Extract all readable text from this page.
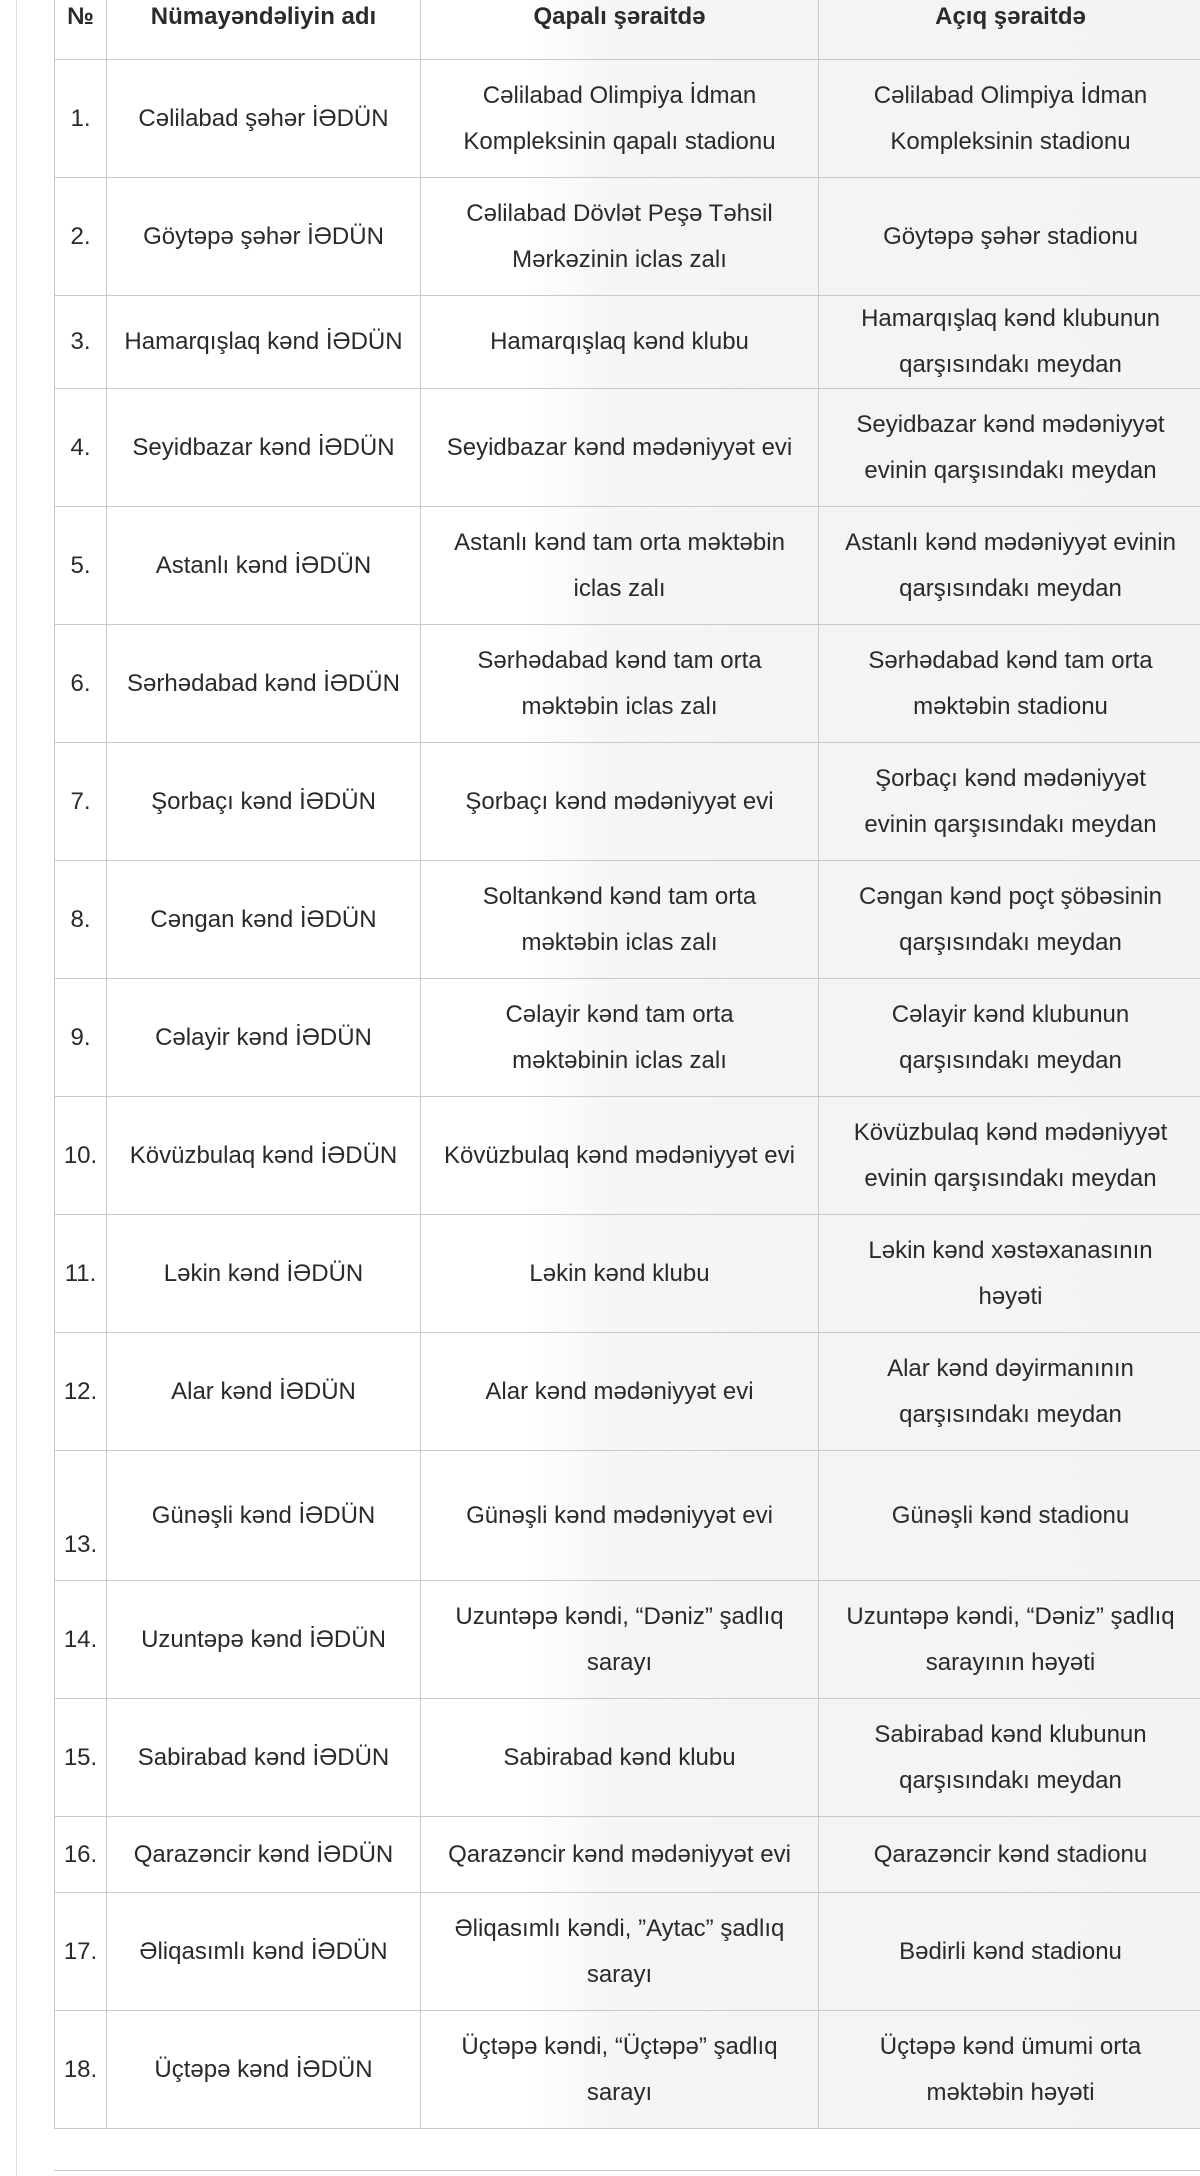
№	Nümayəndəliyin adı	Qapalı şəraitdə	Açıq şəraitdə
1.	Cəlilabad şəhər İƏDÜN	Cəlilabad Olimpiya İdman
Kompleksinin qapalı stadionu	Cəlilabad Olimpiya İdman
Kompleksinin stadionu

2.	Göytəpə şəhər İƏDÜN	Cəlilabad Dövlət Peşə Təhsil
Mərkəzinin iclas zalı	Göytəpə şəhər stadionu

3.	Hamarqışlaq kənd İƏDÜN	Hamarqışlaq kənd klubu	Hamarqışlaq kənd klubunun
qarşısındakı meydan

4.	Seyidbazar kənd İƏDÜN	Seyidbazar kənd mədəniyyət evi	Seyidbazar kənd mədəniyyət
evinin qarşısındakı meydan

5.	Astanlı kənd İƏDÜN	Astanlı kənd tam orta məktəbin
iclas zalı	Astanlı kənd mədəniyyət evinin
qarşısındakı meydan

6.	Sərhədabad kənd İƏDÜN	Sərhədabad kənd tam orta
məktəbin iclas zalı	Sərhədabad kənd tam orta
məktəbin stadionu

7.	Şorbaçı kənd İƏDÜN	Şorbaçı kənd mədəniyyət evi	Şorbaçı kənd mədəniyyət
evinin qarşısındakı meydan

8.	Cəngan kənd İƏDÜN	Soltankənd kənd tam orta
məktəbin iclas zalı	Cəngan kənd poçt şöbəsinin
qarşısındakı meydan

9.	Cəlayir kənd İƏDÜN	Cəlayir kənd tam orta
məktəbinin iclas zalı	Cəlayir kənd klubunun
qarşısındakı meydan

10.	Kövüzbulaq kənd İƏDÜN	Kövüzbulaq kənd mədəniyyət evi	Kövüzbulaq kənd mədəniyyət
evinin qarşısındakı meydan

11.	Ləkin kənd İƏDÜN	Ləkin kənd klubu	Ləkin kənd xəstəxanasının
həyəti

12.	Alar kənd İƏDÜN	Alar kənd mədəniyyət evi	Alar kənd dəyirmanının
qarşısındakı meydan

13.	Günəşli kənd İƏDÜN	Günəşli kənd mədəniyyət evi	Günəşli kənd stadionu

14.	Uzuntəpə kənd İƏDÜN	Uzuntəpə kəndi, “Dəniz” şadlıq
sarayı	Uzuntəpə kəndi, “Dəniz” şadlıq
sarayının həyəti

15.	Sabirabad kənd İƏDÜN	Sabirabad kənd klubu	Sabirabad kənd klubunun
qarşısındakı meydan

16.	Qarazəncir kənd İƏDÜN	Qarazəncir kənd mədəniyyət evi	Qarazəncir kənd stadionu

17.	Əliqasımlı kənd İƏDÜN	Əliqasımlı kəndi, ”Aytac” şadlıq
sarayı	Bədirli kənd stadionu

18.	Üçtəpə kənd İƏDÜN	Üçtəpə kəndi, “Üçtəpə” şadlıq
sarayı	Üçtəpə kənd ümumi orta
məktəbin həyəti
